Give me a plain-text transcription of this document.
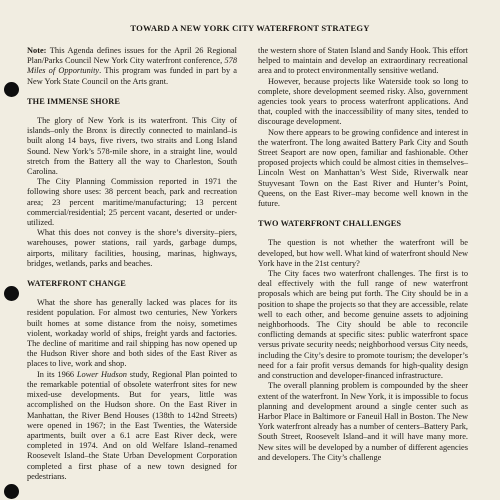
TOWARD A NEW YORK CITY WATERFRONT STRATEGY

Note: This Agenda defines issues for the April 26 Regional Plan/Parks Council New York City waterfront conference, 578 Miles of Opportunity. This program was funded in part by a New York State Council on the Arts grant.

THE IMMENSE SHORE

The glory of New York is its waterfront. This City of islands–only the Bronx is directly connected to mainland–is built along 14 bays, five rivers, two straits and Long Island Sound. New York’s 578-mile shore, in a straight line, would stretch from the Battery all the way to Charleston, South Carolina.

The City Planning Commission reported in 1971 the following shore uses: 38 percent beach, park and recreation area; 23 percent maritime/manufacturing; 13 percent commercial/residential; 25 percent vacant, deserted or under-utilized.

What this does not convey is the shore’s diversity–piers, warehouses, power stations, rail yards, garbage dumps, airports, military facilities, housing, marinas, highways, bridges, wetlands, parks and beaches.

WATERFRONT CHANGE

What the shore has generally lacked was places for its resident population. For almost two centuries, New Yorkers built homes at some distance from the noisy, sometimes violent, workaday world of ships, freight yards and factories. The decline of maritime and rail shipping has now opened up the Hudson River shore and both sides of the East River as places to live, work and shop.

In its 1966 Lower Hudson study, Regional Plan pointed to the remarkable potential of obsolete waterfront sites for new mixed-use developments. But for years, little was accomplished on the Hudson shore. On the East River in Manhattan, the River Bend Houses (138th to 142nd Streets) were opened in 1967; in the East Twenties, the Waterside apartments, built over a 6.1 acre East River deck, were completed in 1974. And on old Welfare Island–renamed Roosevelt Island–the State Urban Development Corporation completed a first phase of a new town designed for pedestrians.

the western shore of Staten Island and Sandy Hook. This effort helped to maintain and develop an extraordinary recreational area and to protect environmentally sensitive wetland.

However, because projects like Waterside took so long to complete, shore development seemed risky. Also, government agencies took years to process waterfront applications. And that, coupled with the inaccessibility of many sites, tended to discourage development.

Now there appears to be growing confidence and interest in the waterfront. The long awaited Battery Park City and South Street Seaport are now open, familiar and fashionable. Other proposed projects which could be almost cities in themselves–Lincoln West on Manhattan’s West Side, Riverwalk near Stuyvesant Town on the East River and Hunter’s Point, Queens, on the East River–may become well known in the future.

TWO WATERFRONT CHALLENGES

The question is not whether the waterfront will be developed, but how well. What kind of waterfront should New York have in the 21st century?

The City faces two waterfront challenges. The first is to deal effectively with the full range of new waterfront proposals which are being put forth. The City should be in a position to shape the projects so that they are accessible, relate well to each other, and become genuine assets to adjoining neighborhoods. The City should be able to reconcile conflicting demands at specific sites: public waterfront space versus private security needs; neighborhood versus City needs, including the City’s desire to promote tourism; the developer’s need for a fair profit versus demands for high-quality design and construction and developer-financed infrastructure.

The overall planning problem is compounded by the sheer extent of the waterfront. In New York, it is impossible to focus planning and development around a single center such as Harbor Place in Baltimore or Faneuil Hall in Boston. The New York waterfront already has a number of centers–Battery Park, South Street, Roosevelt Island–and it will have many more. New sites will be developed by a number of different agencies and developers. The City’s challenge
